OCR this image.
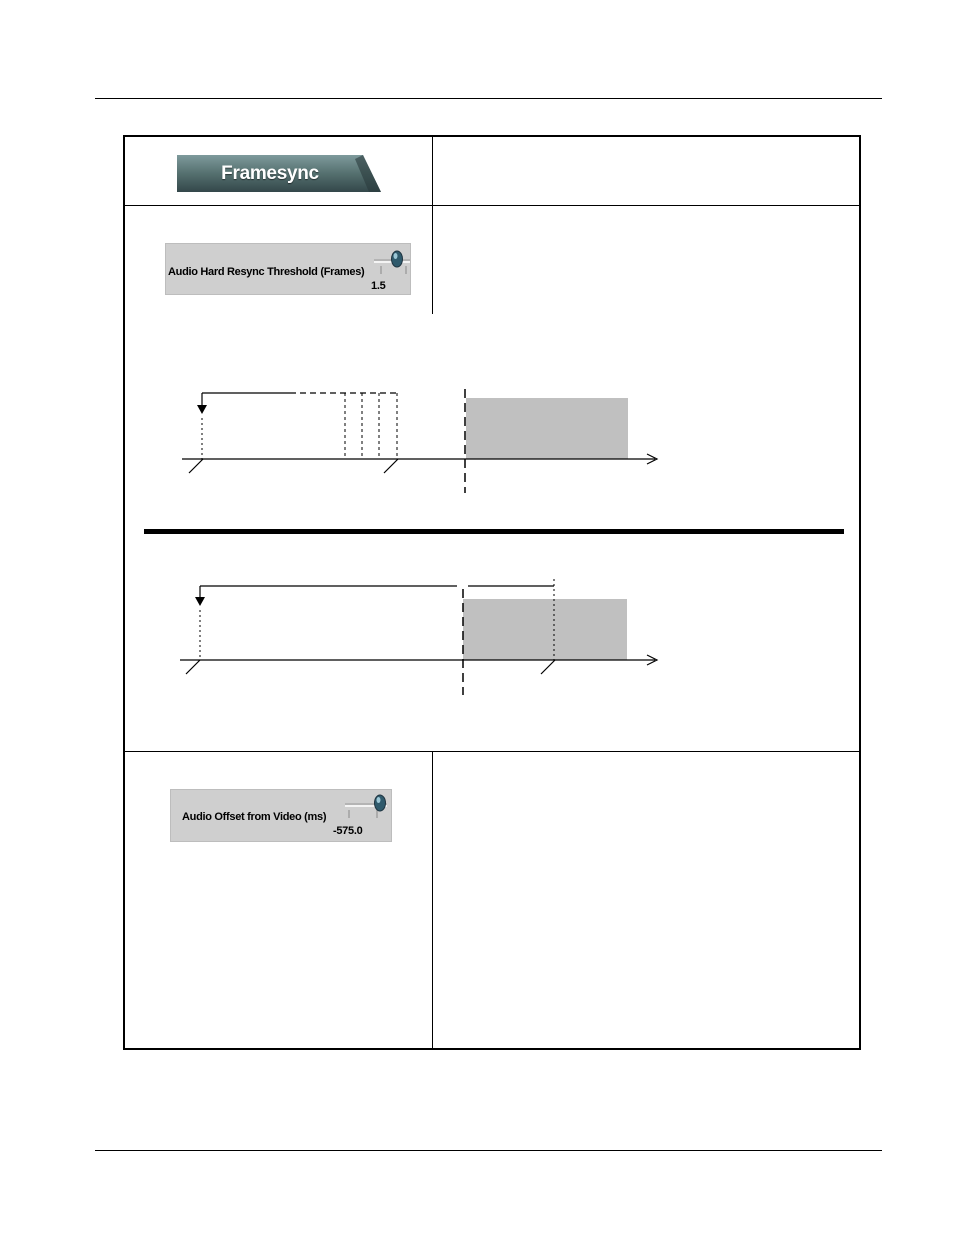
Framesync
Audio Hard Resync Threshold (Frames)
1.5
Audio Offset from Video (ms)
-575.0
